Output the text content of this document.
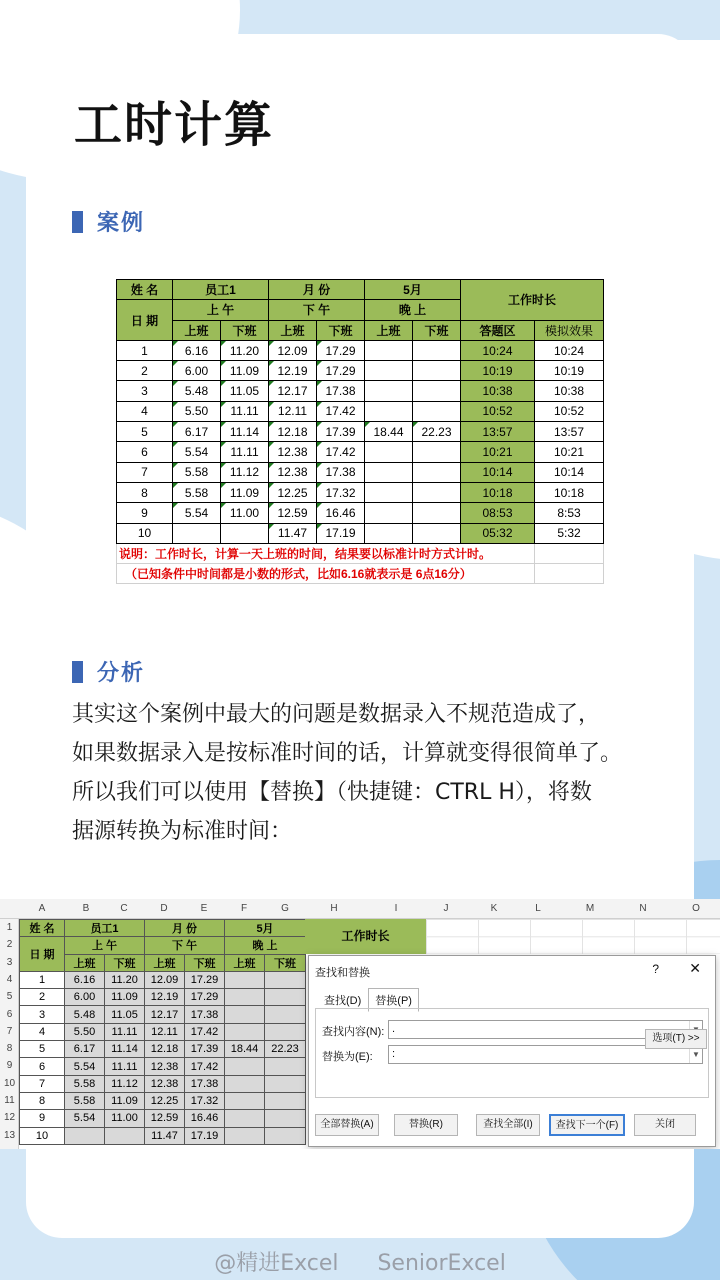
工时计算
案例
姓 名	员工1		月 份		5月		工作时长	
日 期	上 午		下 午		晚 上			
	上班	下班	上班	下班	上班	下班	答题区	模拟效果
1	6.16	11.20	12.09	17.29			10:24	10:24
2	6.00	11.09	12.19	17.29			10:19	10:19
3	5.48	11.05	12.17	17.38			10:38	10:38
4	5.50	11.11	12.11	17.42			10:52	10:52
5	6.17	11.14	12.18	17.39	18.44	22.23	13:57	13:57
6	5.54	11.11	12.38	17.42			10:21	10:21
7	5.58	11.12	12.38	17.38			10:14	10:14
8	5.58	11.09	12.25	17.32			10:18	10:18
9	5.54	11.00	12.59	16.46			08:53	8:53
10			11.47	17.19			05:32	5:32
说明：工作时长，计算一天上班的时间，结果要以标准计时方式计时。								
（已知条件中时间都是小数的形式，比如6.16就表示是 6点16分）								
分析

其实这个案例中最大的问题是数据录入不规范造成了，

如果数据录入是按标准时间的话，计算就变得很简单了。

所以我们可以使用【替换】（快捷键：CTRL H），将数

据源转换为标准时间：

A	B	C	D	E	F	G	H	I	J	K	L	M	N	O
1
2
3
4
5
6
7
8
9
10
11
12
13
姓 名	员工1		月 份		5月	
日 期	上 午		下 午		晚 上	
	上班	下班	上班	下班	上班	下班
1	6.16	11.20	12.09	17.29		
2	6.00	11.09	12.19	17.29		
3	5.48	11.05	12.17	17.38		
4	5.50	11.11	12.11	17.42		
5	6.17	11.14	12.18	17.39	18.44	22.23
6	5.54	11.11	12.38	17.42		
7	5.58	11.12	12.38	17.38		
8	5.58	11.09	12.25	17.32		
9	5.54	11.00	12.59	16.46		
10			11.47	17.19		
工作时长
查找和替换	? ✕
查找(D)	替换(P)
查找内容(N): .
替换为(E):	:	▼
选项(T) >>
全部替换(A)	替换(R)	查找全部(I)	查找下一个(F)	关闭
@精进Excel SeniorExcel
